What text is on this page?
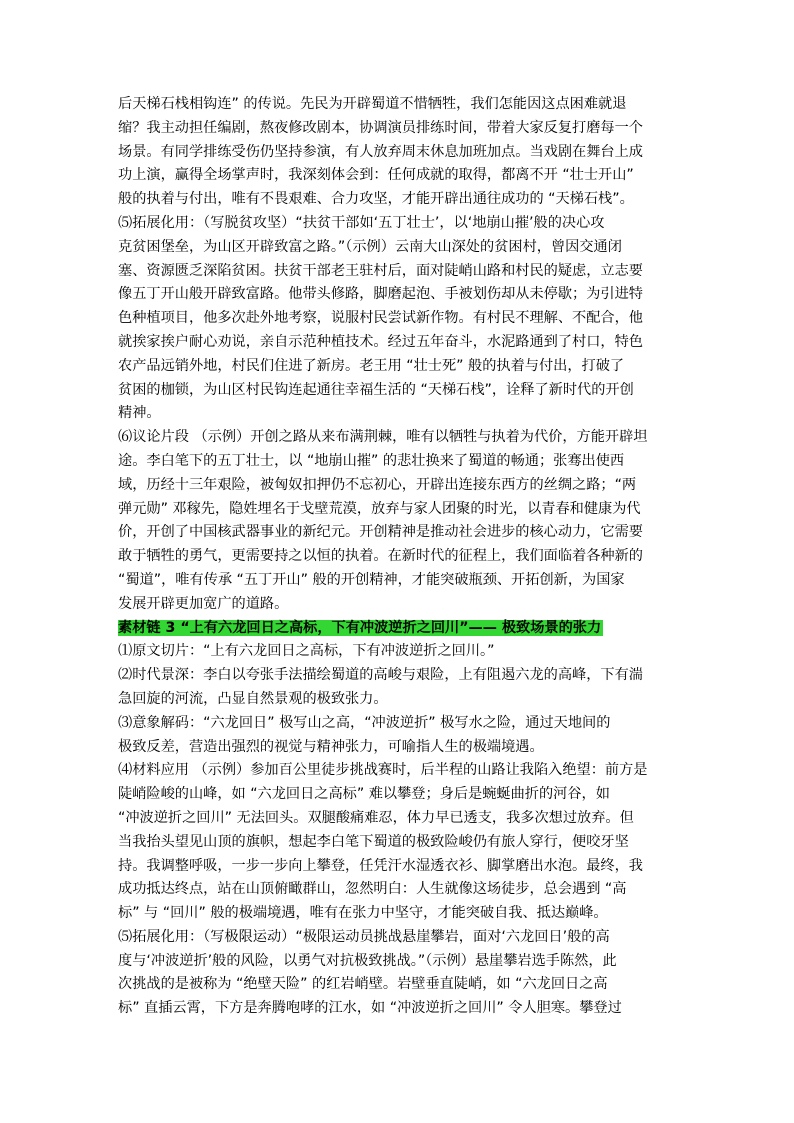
后天梯石栈相钩连” 的传说。先民为开辟蜀道不惜牺牲，我们怎能因这点困难就退
缩？我主动担任编剧，熬夜修改剧本，协调演员排练时间，带着大家反复打磨每一个
场景。有同学排练受伤仍坚持参演，有人放弃周末休息加班加点。当戏剧在舞台上成
功上演，赢得全场掌声时，我深刻体会到：任何成就的取得，都离不开 “壮士开山”
般的执着与付出，唯有不畏艰难、合力攻坚，才能开辟出通往成功的 “天梯石栈”。
⑸拓展化用：（写脱贫攻坚）“扶贫干部如‘五丁壮士’，以‘地崩山摧’般的决心攻
克贫困堡垒，为山区开辟致富之路。”（示例）云南大山深处的贫困村，曾因交通闭
塞、资源匮乏深陷贫困。扶贫干部老王驻村后，面对陡峭山路和村民的疑虑，立志要
像五丁开山般开辟致富路。他带头修路，脚磨起泡、手被划伤却从未停歇；为引进特
色种植项目，他多次赴外地考察，说服村民尝试新作物。有村民不理解、不配合，他
就挨家挨户耐心劝说，亲自示范种植技术。经过五年奋斗，水泥路通到了村口，特色
农产品远销外地，村民们住进了新房。老王用 “壮士死” 般的执着与付出，打破了
贫困的枷锁，为山区村民钩连起通往幸福生活的 “天梯石栈”，诠释了新时代的开创
精神。
⑹议论片段 （示例）开创之路从来布满荆棘，唯有以牺牲与执着为代价，方能开辟坦
途。李白笔下的五丁壮士，以 “地崩山摧” 的悲壮换来了蜀道的畅通；张骞出使西
域，历经十三年艰险，被匈奴扣押仍不忘初心，开辟出连接东西方的丝绸之路；“两
弹元勋” 邓稼先，隐姓埋名于戈壁荒漠，放弃与家人团聚的时光，以青春和健康为代
价，开创了中国核武器事业的新纪元。开创精神是推动社会进步的核心动力，它需要
敢于牺牲的勇气，更需要持之以恒的执着。在新时代的征程上，我们面临着各种新的
“蜀道”，唯有传承 “五丁开山” 般的开创精神，才能突破瓶颈、开拓创新，为国家
发展开辟更加宽广的道路。
素材链 3 “上有六龙回日之高标，下有冲波逆折之回川”—— 极致场景的张力
⑴原文切片：“上有六龙回日之高标，下有冲波逆折之回川。”
⑵时代景深：李白以夸张手法描绘蜀道的高峻与艰险，上有阻遏六龙的高峰，下有湍
急回旋的河流，凸显自然景观的极致张力。
⑶意象解码：“六龙回日” 极写山之高，“冲波逆折” 极写水之险，通过天地间的
极致反差，营造出强烈的视觉与精神张力，可喻指人生的极端境遇。
⑷材料应用 （示例）参加百公里徒步挑战赛时，后半程的山路让我陷入绝望：前方是
陡峭险峻的山峰，如 “六龙回日之高标” 难以攀登；身后是蜿蜒曲折的河谷，如
“冲波逆折之回川” 无法回头。双腿酸痛难忍，体力早已透支，我多次想过放弃。但
当我抬头望见山顶的旗帜，想起李白笔下蜀道的极致险峻仍有旅人穿行，便咬牙坚
持。我调整呼吸，一步一步向上攀登，任凭汗水湿透衣衫、脚掌磨出水泡。最终，我
成功抵达终点，站在山顶俯瞰群山，忽然明白：人生就像这场徒步，总会遇到 “高
标” 与 “回川” 般的极端境遇，唯有在张力中坚守，才能突破自我、抵达巅峰。
⑸拓展化用：（写极限运动）“极限运动员挑战悬崖攀岩，面对‘六龙回日’般的高
度与‘冲波逆折’般的风险，以勇气对抗极致挑战。”（示例）悬崖攀岩选手陈然，此
次挑战的是被称为 “绝壁天险” 的红岩峭壁。岩壁垂直陡峭，如 “六龙回日之高
标” 直插云霄，下方是奔腾咆哮的江水，如 “冲波逆折之回川” 令人胆寒。攀登过
